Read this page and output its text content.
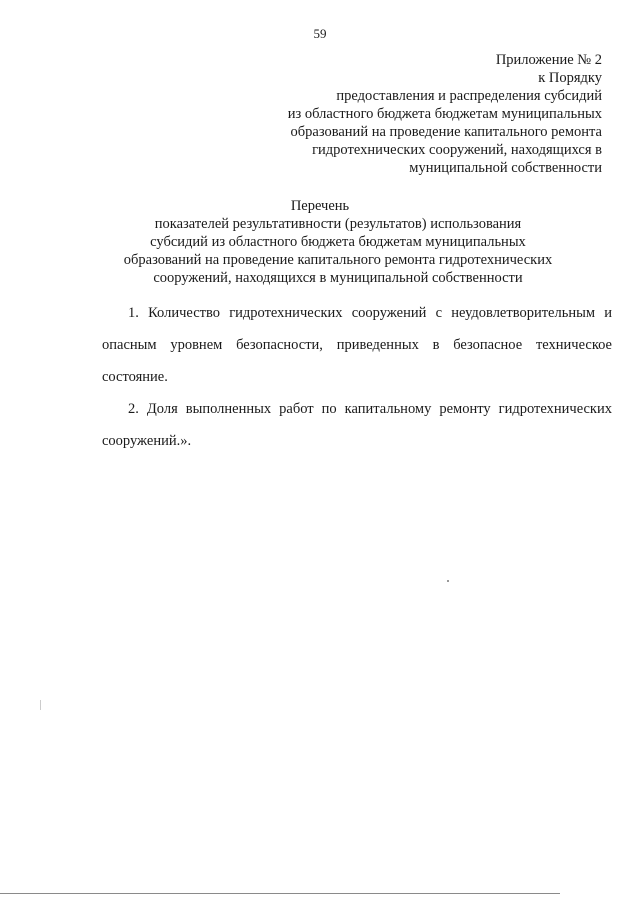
59
Приложение № 2
к Порядку
предоставления и распределения субсидий
из областного бюджета бюджетам муниципальных
образований на проведение капитального ремонта
гидротехнических сооружений, находящихся в
муниципальной собственности
Перечень
показателей результативности (результатов) использования
субсидий из областного бюджета бюджетам муниципальных
образований на проведение капитального ремонта гидротехнических
сооружений, находящихся в муниципальной собственности

1. Количество гидротехнических сооружений с неудовлетворительным и опасным уровнем безопасности, приведенных в безопасное техническое состояние.

2. Доля выполненных работ по капитальному ремонту гидротехнических сооружений.».
